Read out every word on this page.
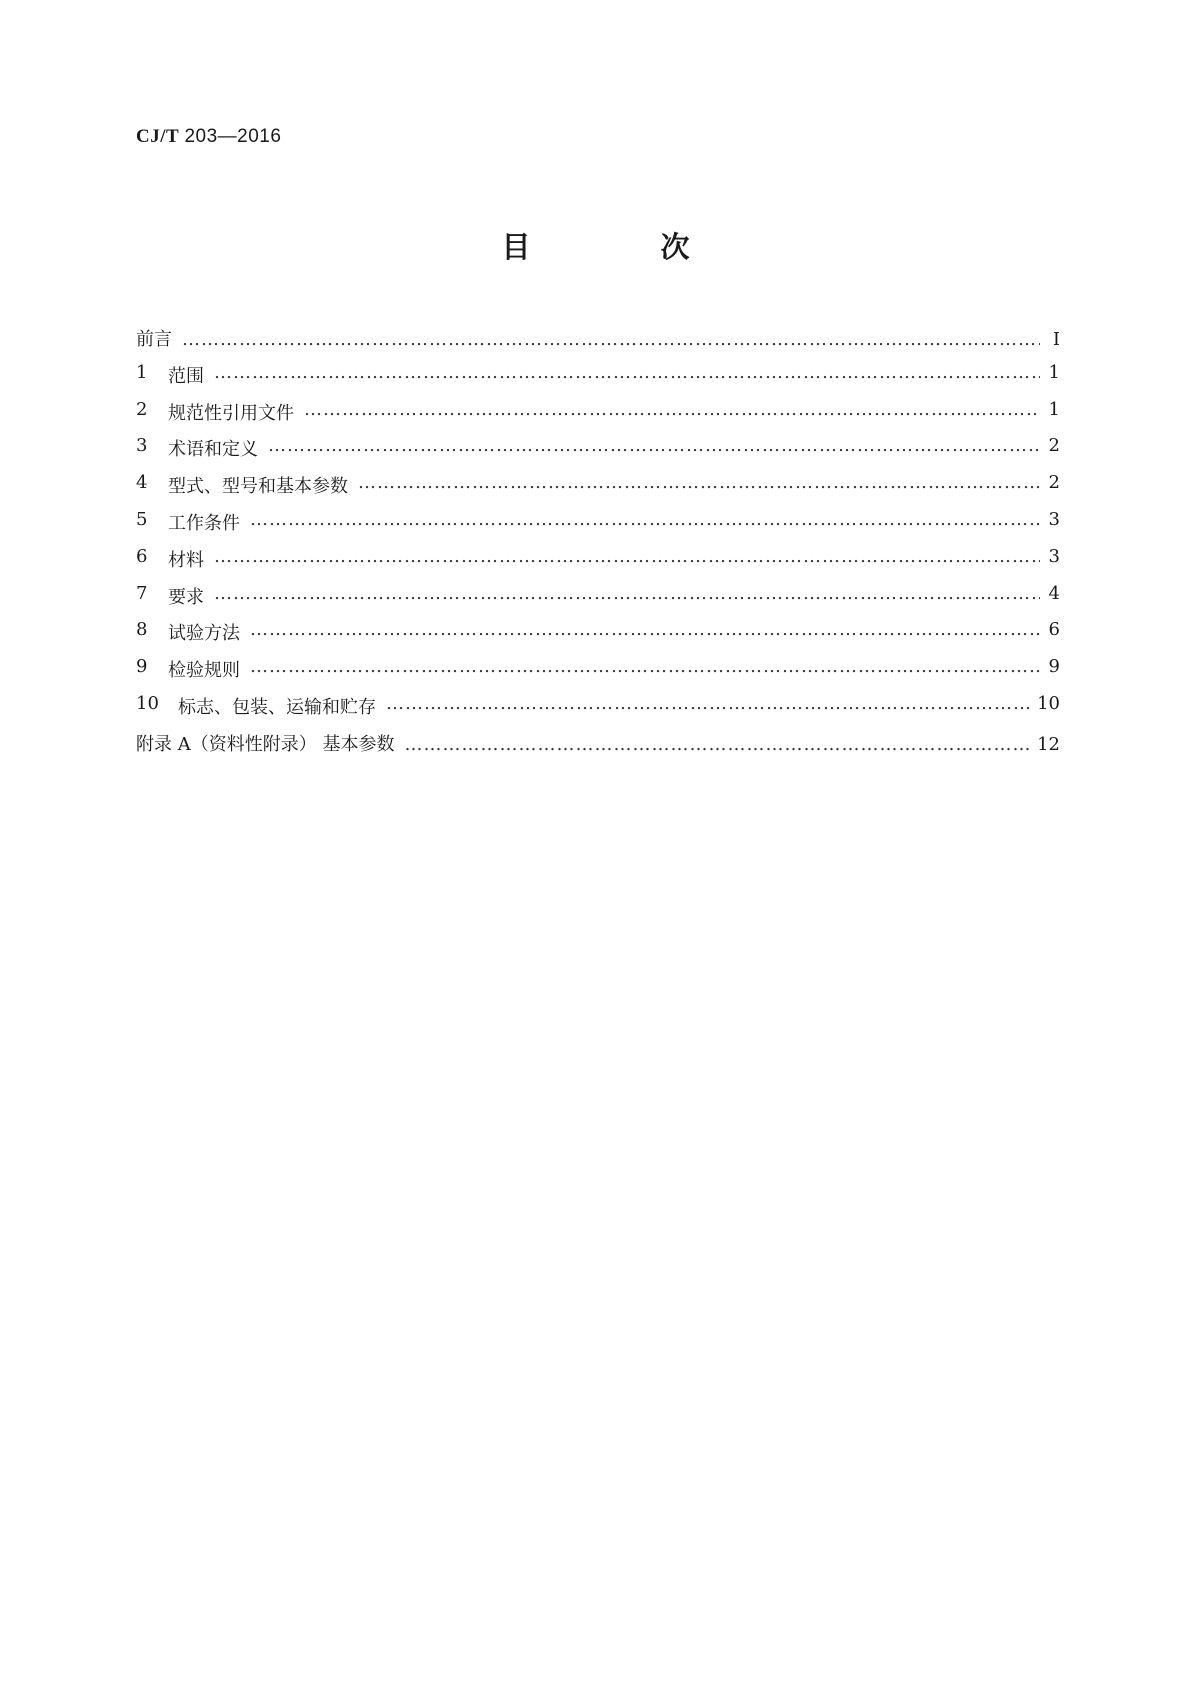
CJ/T 203—2016
目 次
前言 ……………………………………………………………………………………………………………………………………………………………………………………………………	Ⅰ
1	范围 ……………………………………………………………………………………………………………………………………………………………………………………………………	1
2	规范性引用文件 ……………………………………………………………………………………………………………………………………………………………………………………………………	1
3	术语和定义 ……………………………………………………………………………………………………………………………………………………………………………………………………	2
4	型式、型号和基本参数 ……………………………………………………………………………………………………………………………………………………………………………………………………	2
5	工作条件 ……………………………………………………………………………………………………………………………………………………………………………………………………	3
6	材料 ……………………………………………………………………………………………………………………………………………………………………………………………………	3
7	要求 ……………………………………………………………………………………………………………………………………………………………………………………………………	4
8	试验方法 ……………………………………………………………………………………………………………………………………………………………………………………………………	6
9	检验规则 ……………………………………………………………………………………………………………………………………………………………………………………………………	9
10	标志、包装、运输和贮存 ……………………………………………………………………………………………………………………………………………………………………………………………………	10
附录 A（资料性附录） 基本参数 ……………………………………………………………………………………………………………………………………………………………………………………………………	12
